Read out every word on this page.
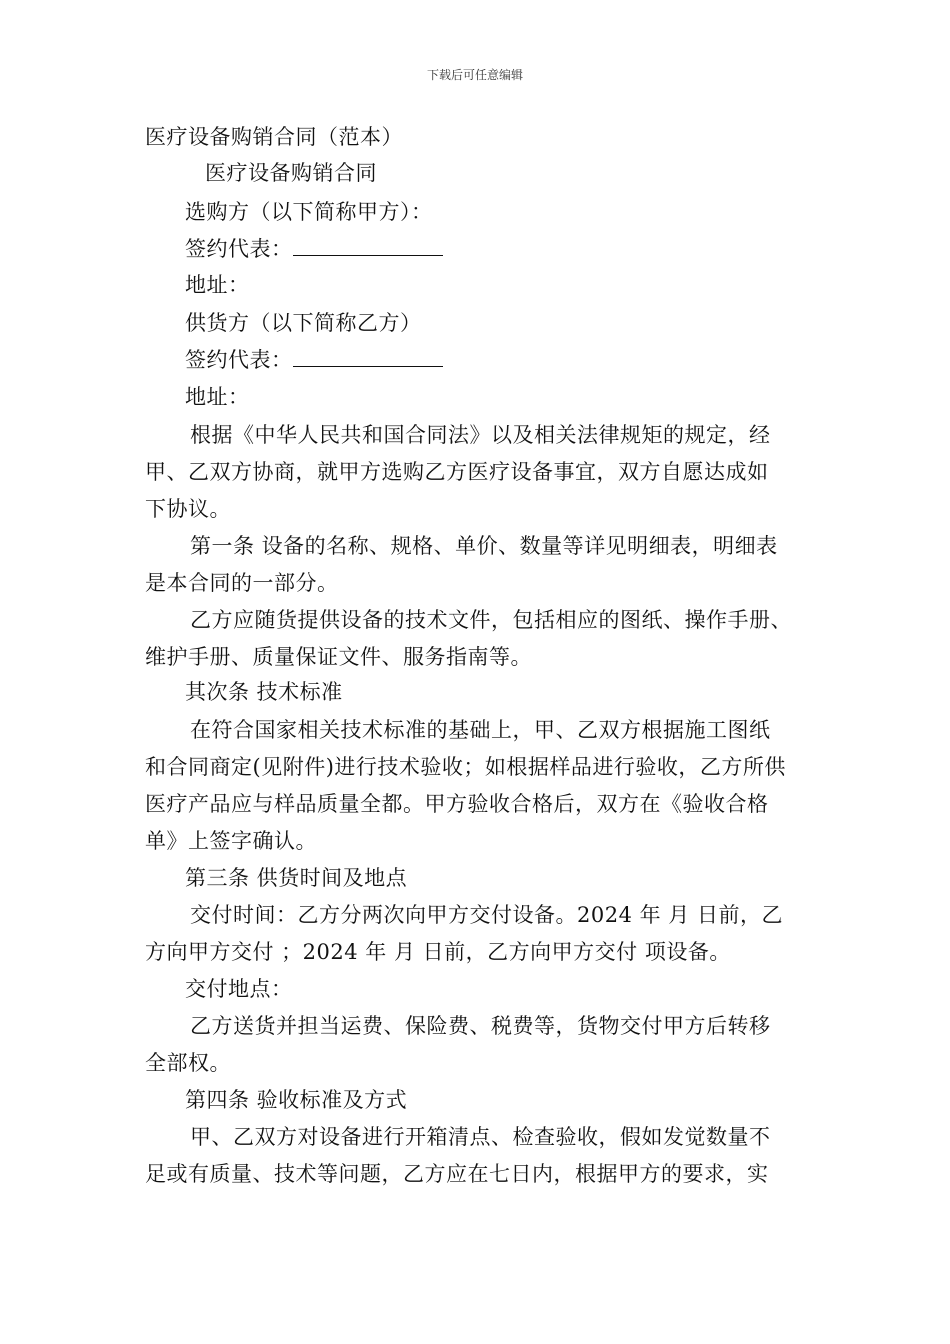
下载后可任意编辑
医疗设备购销合同（范本）
医疗设备购销合同
选购方（以下简称甲方）：
签约代表：
地址：
供货方（以下简称乙方）
签约代表：
地址：
根据《中华人民共和国合同法》以及相关法律规矩的规定，经
甲、乙双方协商，就甲方选购乙方医疗设备事宜，双方自愿达成如
下协议。
第一条 设备的名称、规格、单价、数量等详见明细表，明细表
是本合同的一部分。
乙方应随货提供设备的技术文件，包括相应的图纸、操作手册、
维护手册、质量保证文件、服务指南等。
其次条 技术标准
在符合国家相关技术标准的基础上，甲、乙双方根据施工图纸
和合同商定(见附件)进行技术验收；如根据样品进行验收，乙方所供
医疗产品应与样品质量全都。甲方验收合格后，双方在《验收合格
单》上签字确认。
第三条 供货时间及地点
交付时间：乙方分两次向甲方交付设备。2024 年 月 日前，乙
方向甲方交付 ；2024 年 月 日前，乙方向甲方交付 项设备。
交付地点：
乙方送货并担当运费、保险费、税费等，货物交付甲方后转移
全部权。
第四条 验收标准及方式
甲、乙双方对设备进行开箱清点、检查验收，假如发觉数量不
足或有质量、技术等问题，乙方应在七日内，根据甲方的要求，实
